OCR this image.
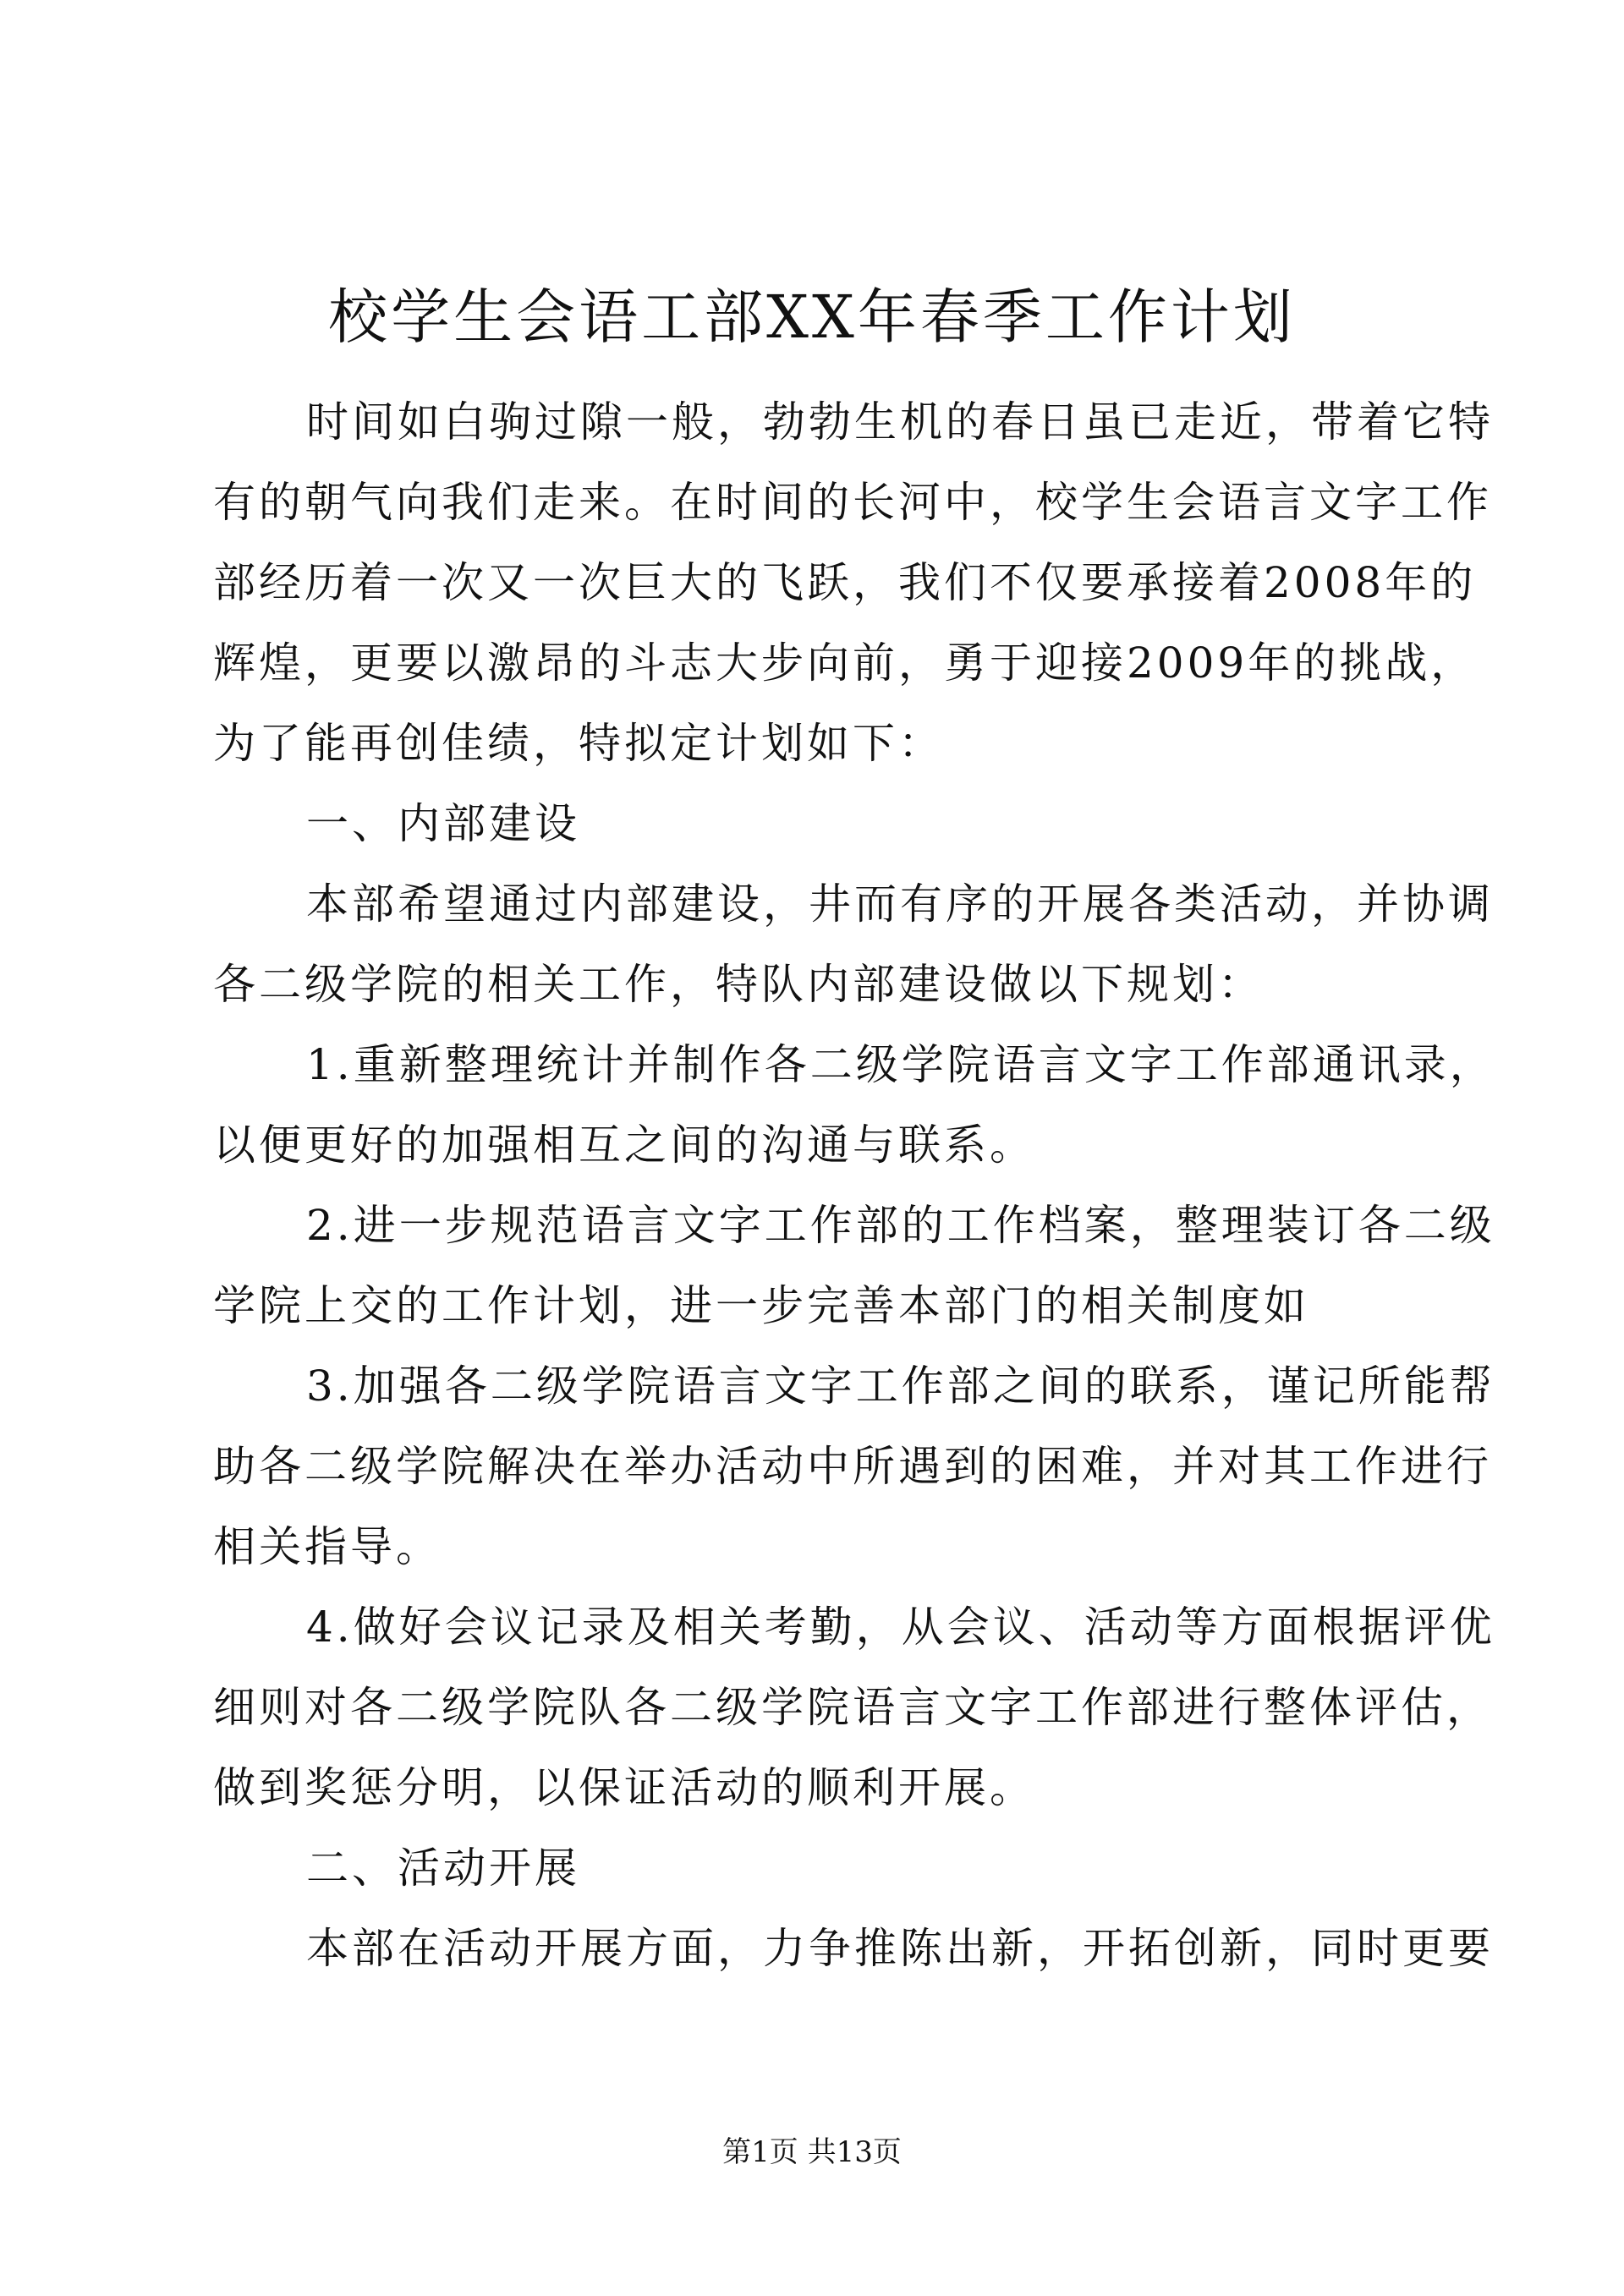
校学生会语工部XX年春季工作计划
时间如白驹过隙一般，勃勃生机的春日虽已走近，带着它特
有的朝气向我们走来。在时间的长河中，校学生会语言文字工作
部经历着一次又一次巨大的飞跃，我们不仅要承接着2008年的
辉煌，更要以激昂的斗志大步向前，勇于迎接2009年的挑战，
为了能再创佳绩，特拟定计划如下：
一、内部建设
本部希望通过内部建设，井而有序的开展各类活动，并协调
各二级学院的相关工作，特队内部建设做以下规划：
1.重新整理统计并制作各二级学院语言文字工作部通讯录，
以便更好的加强相互之间的沟通与联系。
2.进一步规范语言文字工作部的工作档案，整理装订各二级
学院上交的工作计划，进一步完善本部门的相关制度如
3.加强各二级学院语言文字工作部之间的联系，谨记所能帮
助各二级学院解决在举办活动中所遇到的困难，并对其工作进行
相关指导。
4.做好会议记录及相关考勤，从会议、活动等方面根据评优
细则对各二级学院队各二级学院语言文字工作部进行整体评估，
做到奖惩分明，以保证活动的顺利开展。
二、活动开展
本部在活动开展方面，力争推陈出新，开拓创新，同时更要
第1页 共13页
